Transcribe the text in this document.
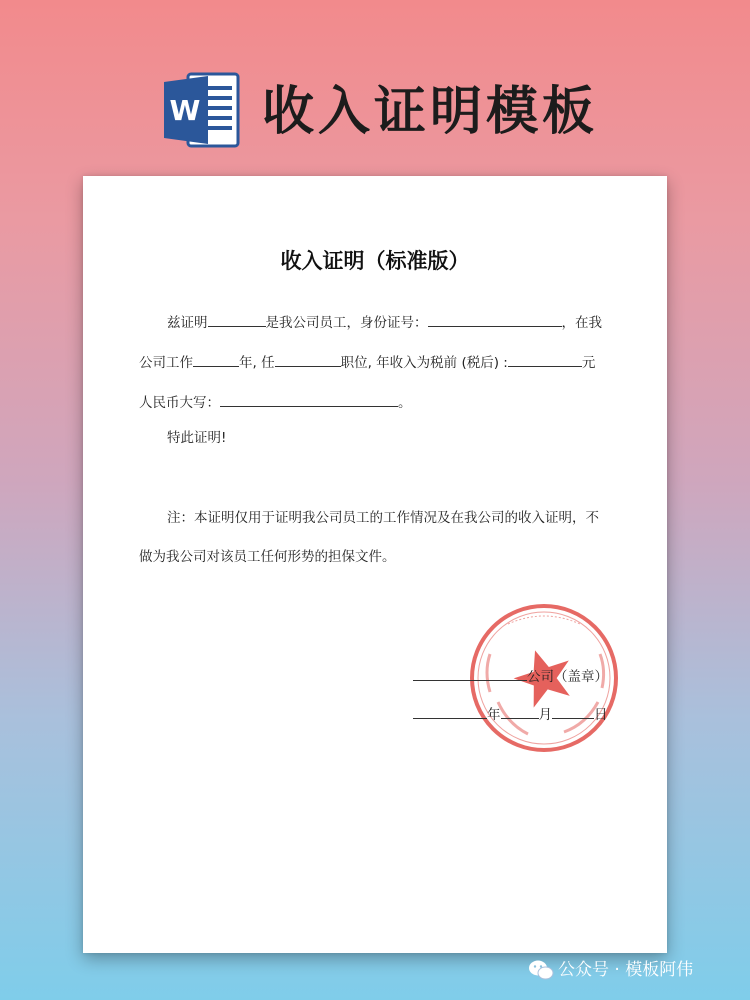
W 收入证明模板
收入证明（标准版）
兹证明	是我公司员工，身份证号：	，在我
公司工作	年, 任	职位, 年收入为税前 (税后) :	元
人民币大写：	。
特此证明!
注：本证明仅用于证明我公司员工的工作情况及在我公司的收入证明，不
做为我公司对该员工任何形势的担保文件。
公司（盖章）
年	月	日
公众号 · 模板阿伟
